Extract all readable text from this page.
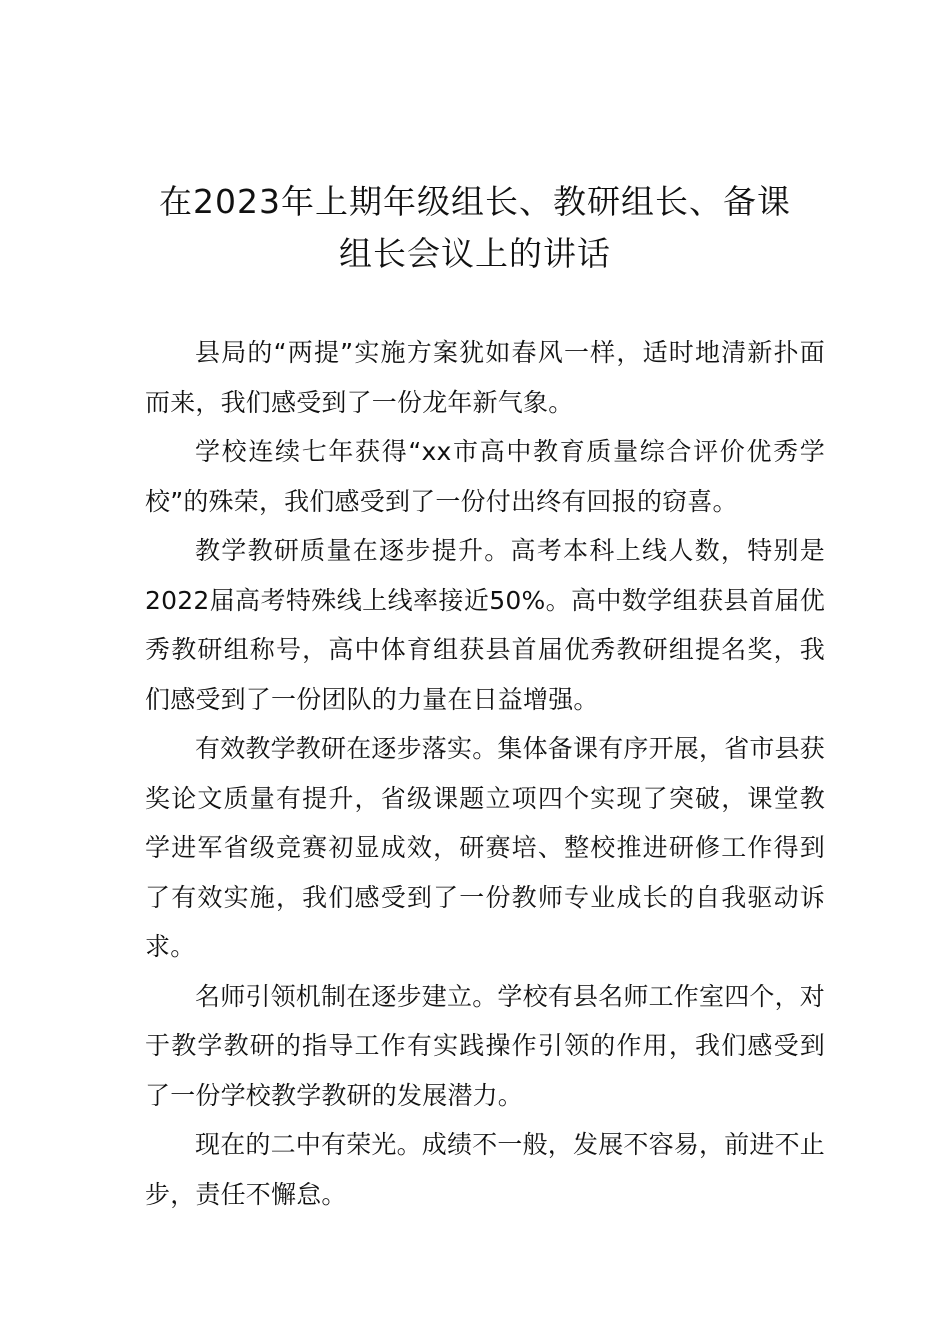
在2023年上期年级组长、教研组长、备课
组长会议上的讲话

县局的“两提”实施方案犹如春风一样，适时地清新扑面而来，我们感受到了一份龙年新气象。

学校连续七年获得“xx市高中教育质量综合评价优秀学校”的殊荣，我们感受到了一份付出终有回报的窃喜。

教学教研质量在逐步提升。高考本科上线人数，特别是2022届高考特殊线上线率接近50%。高中数学组获县首届优秀教研组称号，高中体育组获县首届优秀教研组提名奖，我们感受到了一份团队的力量在日益增强。

有效教学教研在逐步落实。集体备课有序开展，省市县获奖论文质量有提升，省级课题立项四个实现了突破，课堂教学进军省级竞赛初显成效，研赛培、整校推进研修工作得到了有效实施，我们感受到了一份教师专业成长的自我驱动诉求。

名师引领机制在逐步建立。学校有县名师工作室四个，对于教学教研的指导工作有实践操作引领的作用，我们感受到了一份学校教学教研的发展潜力。

现在的二中有荣光。成绩不一般，发展不容易，前进不止步，责任不懈怠。
